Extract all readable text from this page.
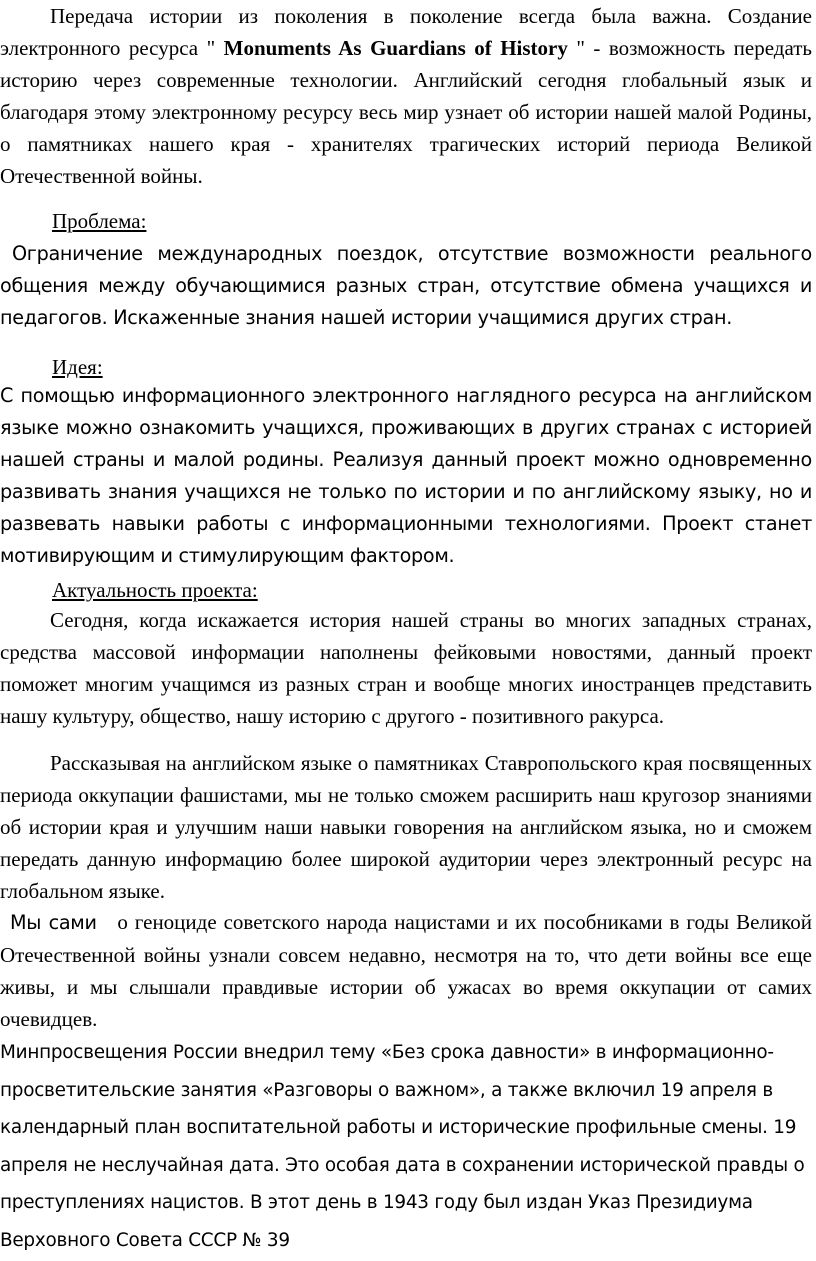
Передача истории из поколения в поколение всегда была важна. Создание электронного ресурса " Monuments As Guardians of History " - возможность передать историю через современные технологии. Английский сегодня глобальный язык и благодаря этому электронному ресурсу весь мир узнает об истории нашей малой Родины, о памятниках нашего края - хранителях трагических историй периода Великой Отечественной войны.

Проблема:

Ограничение международных поездок, отсутствие возможности реального общения между обучающимися разных стран, отсутствие обмена учащихся и педагогов. Искаженные знания нашей истории учащимися других стран.

Идея:

С помощью информационного электронного наглядного ресурса на английском языке можно ознакомить учащихся, проживающих в других странах с историей нашей страны и малой родины. Реализуя данный проект можно одновременно развивать знания учащихся не только по истории и по английскому языку, но и развевать навыки работы с информационными технологиями. Проект станет мотивирующим и стимулирующим фактором.

Актуальность проекта:

Сегодня, когда искажается история нашей страны во многих западных странах, средства массовой информации наполнены фейковыми новостями, данный проект поможет многим учащимся из разных стран и вообще многих иностранцев представить нашу культуру, общество, нашу историю с другого - позитивного ракурса.

Рассказывая на английском языке о памятниках Ставропольского края посвященных периода оккупации фашистами, мы не только сможем расширить наш кругозор знаниями об истории края и улучшим наши навыки говорения на английском языка, но и сможем передать данную информацию более широкой аудитории через электронный ресурс на глобальном языке.

Мы сами о геноциде советского народа нацистами и их пособниками в годы Великой Отечественной войны узнали совсем недавно, несмотря на то, что дети войны все еще живы, и мы слышали правдивые истории об ужасах во время оккупации от самих очевидцев.

Минпросвещения России внедрил тему «Без срока давности» в информационно-просветительские занятия «Разговоры о важном», а также включил 19 апреля в календарный план воспитательной работы и исторические профильные смены. 19 апреля не неслучайная дата. Это особая дата в сохранении исторической правды о преступлениях нацистов. В этот день в 1943 году был издан Указ Президиума Верховного Совета СССР № 39
